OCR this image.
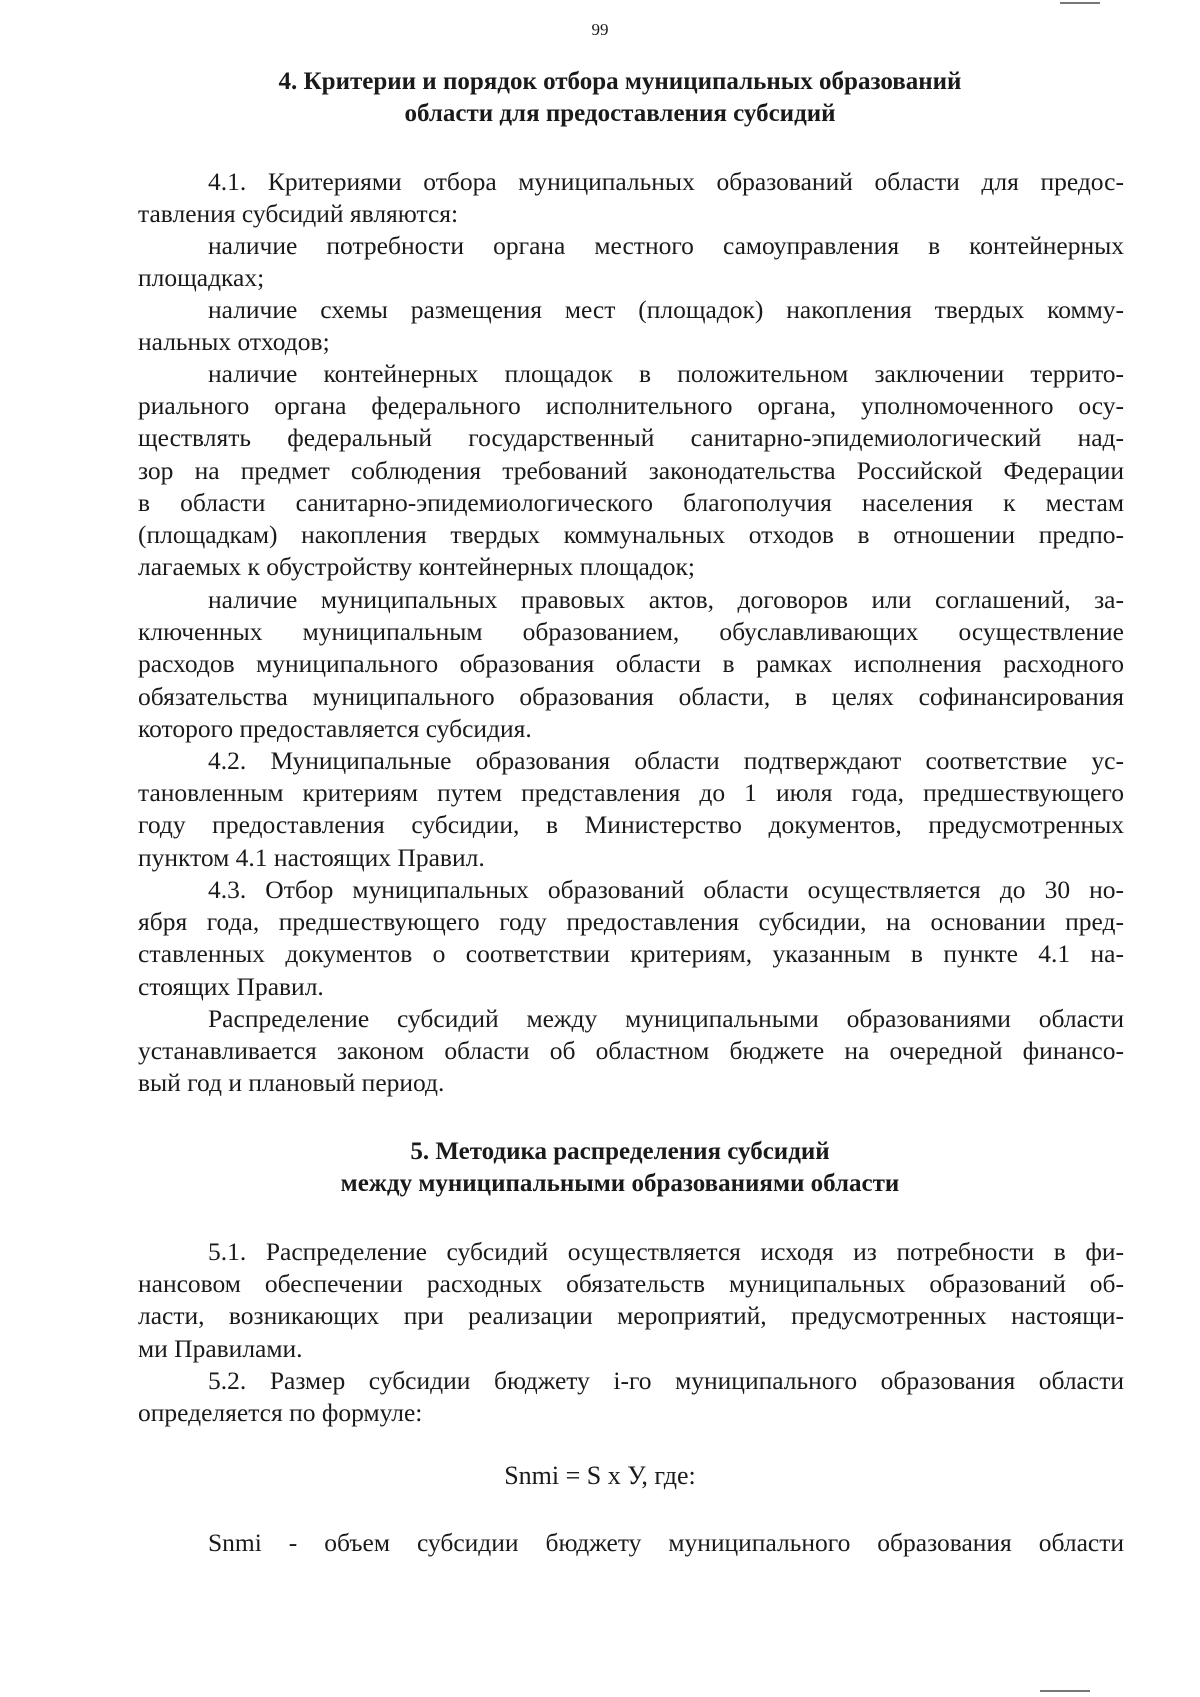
99
4. Критерии и порядок отбора муниципальных образований
области для предоставления субсидий
4.1. Критериями отбора муниципальных образований области для предос-
тавления субсидий являются:
наличие потребности органа местного самоуправления в контейнерных
площадках;
наличие схемы размещения мест (площадок) накопления твердых комму-
нальных отходов;
наличие контейнерных площадок в положительном заключении террито-
риального органа федерального исполнительного органа, уполномоченного осу-
ществлять федеральный государственный санитарно-эпидемиологический над-
зор на предмет соблюдения требований законодательства Российской Федерации
в области санитарно-эпидемиологического благополучия населения к местам
(площадкам) накопления твердых коммунальных отходов в отношении предпо-
лагаемых к обустройству контейнерных площадок;
наличие муниципальных правовых актов, договоров или соглашений, за-
ключенных муниципальным образованием, обуславливающих осуществление
расходов муниципального образования области в рамках исполнения расходного
обязательства муниципального образования области, в целях софинансирования
которого предоставляется субсидия.
4.2. Муниципальные образования области подтверждают соответствие ус-
тановленным критериям путем представления до 1 июля года, предшествующего
году предоставления субсидии, в Министерство документов, предусмотренных
пунктом 4.1 настоящих Правил.
4.3. Отбор муниципальных образований области осуществляется до 30 но-
ября года, предшествующего году предоставления субсидии, на основании пред-
ставленных документов о соответствии критериям, указанным в пункте 4.1 на-
стоящих Правил.
Распределение субсидий между муниципальными образованиями области
устанавливается законом области об областном бюджете на очередной финансо-
вый год и плановый период.
5. Методика распределения субсидий
между муниципальными образованиями области
5.1. Распределение субсидий осуществляется исходя из потребности в фи-
нансовом обеспечении расходных обязательств муниципальных образований об-
ласти, возникающих при реализации мероприятий, предусмотренных настоящи-
ми Правилами.
5.2. Размер субсидии бюджету i-го муниципального образования области
определяется по формуле:
Snmi = S x У, где:
Snmi - объем субсидии бюджету муниципального образования области
